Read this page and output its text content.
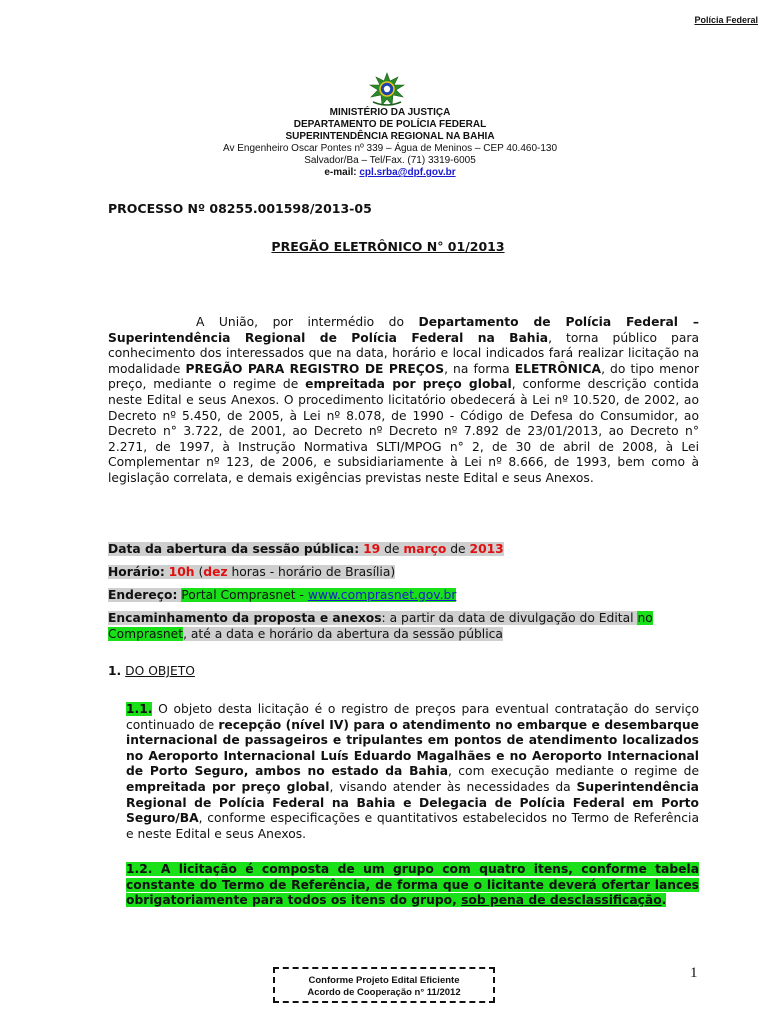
Polícia Federal
MINISTÉRIO DA JUSTIÇA
DEPARTAMENTO DE POLÍCIA FEDERAL
SUPERINTENDÊNCIA REGIONAL NA BAHIA
Av Engenheiro Oscar Pontes nº 339 – Água de Meninos – CEP 40.460-130
Salvador/Ba – Tel/Fax. (71) 3319-6005
e-mail: cpl.srba@dpf.gov.br
PROCESSO Nº 08255.001598/2013-05
PREGÃO ELETRÔNICO N° 01/2013

A União, por intermédio do Departamento de Polícia Federal – Superintendência Regional de Polícia Federal na Bahia, torna público para conhecimento dos interessados que na data, horário e local indicados fará realizar licitação na modalidade PREGÃO PARA REGISTRO DE PREÇOS, na forma ELETRÔNICA, do tipo menor preço, mediante o regime de empreitada por preço global, conforme descrição contida neste Edital e seus Anexos. O procedimento licitatório obedecerá à Lei nº 10.520, de 2002, ao Decreto nº 5.450, de 2005, à Lei nº 8.078, de 1990 - Código de Defesa do Consumidor, ao Decreto n° 3.722, de 2001, ao Decreto nº Decreto nº 7.892 de 23/01/2013, ao Decreto n° 2.271, de 1997, à Instrução Normativa SLTI/MPOG n° 2, de 30 de abril de 2008, à Lei Complementar nº 123, de 2006, e subsidiariamente à Lei nº 8.666, de 1993, bem como à legislação correlata, e demais exigências previstas neste Edital e seus Anexos.

Data da abertura da sessão pública: 19 de março de 2013
Horário: 10h (dez horas - horário de Brasília)
Endereço: Portal Comprasnet - www.comprasnet.gov.br
Encaminhamento da proposta e anexos: a partir da data de divulgação do Edital no Comprasnet, até a data e horário da abertura da sessão pública
1. DO OBJETO

1.1. O objeto desta licitação é o registro de preços para eventual contratação do serviço continuado de recepção (nível IV) para o atendimento no embarque e desembarque internacional de passageiros e tripulantes em pontos de atendimento localizados no Aeroporto Internacional Luís Eduardo Magalhães e no Aeroporto Internacional de Porto Seguro, ambos no estado da Bahia, com execução mediante o regime de empreitada por preço global, visando atender às necessidades da Superintendência Regional de Polícia Federal na Bahia e Delegacia de Polícia Federal em Porto Seguro/BA, conforme especificações e quantitativos estabelecidos no Termo de Referência e neste Edital e seus Anexos.

1.2. A licitação é composta de um grupo com quatro itens, conforme tabela constante do Termo de Referência, de forma que o licitante deverá ofertar lances obrigatoriamente para todos os itens do grupo, sob pena de desclassificação.

1
Conforme Projeto Edital Eficiente
Acordo de Cooperação n° 11/2012
